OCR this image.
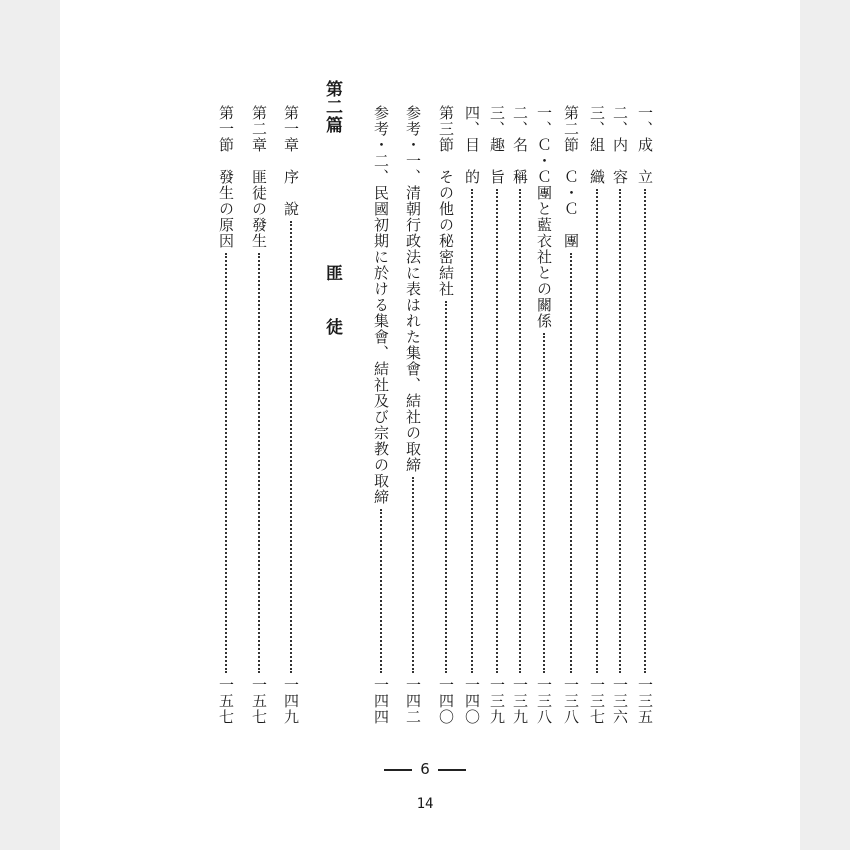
一、成　立
一三五
二、内　容
一三六
三、組　織
一三七
第二節　Ｃ・Ｃ　團
一三八
一、Ｃ・Ｃ團と藍衣社との關係
一三八
二、名　稱
一三九
三、趣　旨
一三九
四、目　的
一四〇
第三節　その他の秘密結社
一四〇
参考・一、清朝行政法に表はれた集會、結社の取締
一四二
参考・二、民國初期に於ける集會、結社及び宗教の取締
一四四
第二篇匪　　徒
第一章　序　說
一四九
第二章　匪徒の發生
一五七
第一節　發生の原因
一五七
6
14
